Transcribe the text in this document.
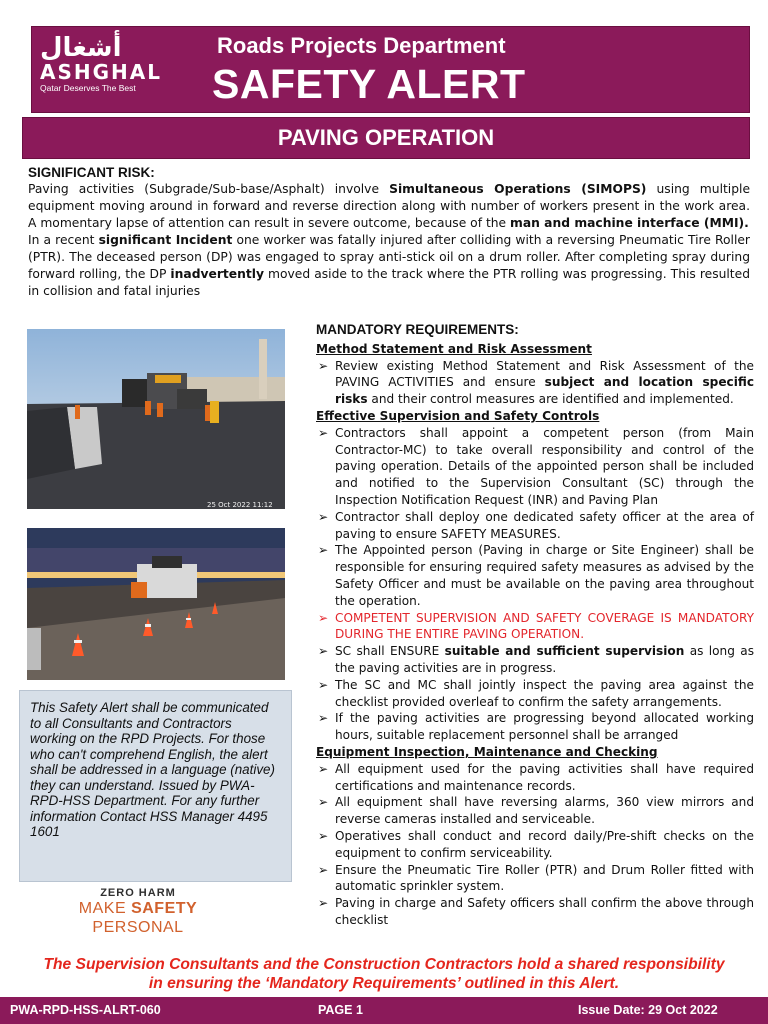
أشغال
ASHGHAL
Qatar Deserves The Best
Roads Projects Department
SAFETY ALERT
PAVING OPERATION
SIGNIFICANT RISK:

Paving activities (Subgrade/Sub-base/Asphalt) involve Simultaneous Operations (SIMOPS) using multiple equipment moving around in forward and reverse direction along with number of workers present in the work area. A momentary lapse of attention can result in severe outcome, because of the man and machine interface (MMI).

In a recent significant Incident one worker was fatally injured after colliding with a reversing Pneumatic Tire Roller (PTR). The deceased person (DP) was engaged to spray anti-stick oil on a drum roller. After completing spray during forward rolling, the DP inadvertently moved aside to the track where the PTR rolling was progressing. This resulted in collision and fatal injuries

25 Oct 2022 11:12
This Safety Alert shall be communicated to all Consultants and Contractors working on the RPD Projects. For those who can't comprehend English, the alert shall be addressed in a language (native) they can understand. Issued by PWA- RPD-HSS Department. For any further information Contact HSS Manager 4495 1601
ZERO HARM
MAKE SAFETY
PERSONAL
MANDATORY REQUIREMENTS:
Method Statement and Risk Assessment
➢ Review existing Method Statement and Risk Assessment of the PAVING ACTIVITIES and ensure subject and location specific risks and their control measures are identified and implemented.
Effective Supervision and Safety Controls
➢ Contractors shall appoint a competent person (from Main Contractor-MC) to take overall responsibility and control of the paving operation. Details of the appointed person shall be included and notified to the Supervision Consultant (SC) through the Inspection Notification Request (INR) and Paving Plan
➢ Contractor shall deploy one dedicated safety officer at the area of paving to ensure SAFETY MEASURES.
➢ The Appointed person (Paving in charge or Site Engineer) shall be responsible for ensuring required safety measures as advised by the Safety Officer and must be available on the paving area throughout the operation.
➢ COMPETENT SUPERVISION AND SAFETY COVERAGE IS MANDATORY DURING THE ENTIRE PAVING OPERATION.
➢ SC shall ENSURE suitable and sufficient supervision as long as the paving activities are in progress.
➢ The SC and MC shall jointly inspect the paving area against the checklist provided overleaf to confirm the safety arrangements.
➢ If the paving activities are progressing beyond allocated working hours, suitable replacement personnel shall be arranged
Equipment Inspection, Maintenance and Checking
➢ All equipment used for the paving activities shall have required certifications and maintenance records.
➢ All equipment shall have reversing alarms, 360 view mirrors and reverse cameras installed and serviceable.
➢ Operatives shall conduct and record daily/Pre-shift checks on the equipment to confirm serviceability.
➢ Ensure the Pneumatic Tire Roller (PTR) and Drum Roller fitted with automatic sprinkler system.
➢ Paving in charge and Safety officers shall confirm the above through checklist
The Supervision Consultants and the Construction Contractors hold a shared responsibility
in ensuring the ‘Mandatory Requirements’ outlined in this Alert.
PWA-RPD-HSS-ALRT-060	PAGE 1	Issue Date: 29 Oct 2022
